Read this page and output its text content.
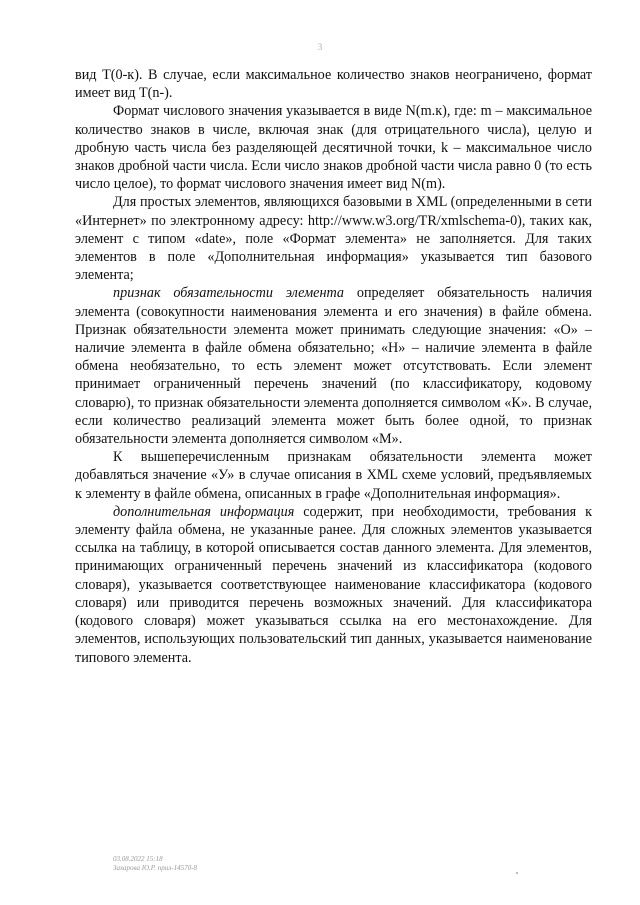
3

вид Т(0-к). В случае, если максимальное количество знаков неограничено, формат имеет вид Т(n-).

Формат числового значения указывается в виде N(m.к), где: m – максимальное количество знаков в числе, включая знак (для отрицательного числа), целую и дробную часть числа без разделяющей десятичной точки, k – максимальное число знаков дробной части числа. Если число знаков дробной части числа равно 0 (то есть число целое), то формат числового значения имеет вид N(m).

Для простых элементов, являющихся базовыми в XML (определенными в сети «Интернет» по электронному адресу: http://www.w3.org/TR/xmlschema-0), таких как, элемент с типом «date», поле «Формат элемента» не заполняется. Для таких элементов в поле «Дополнительная информация» указывается тип базового элемента;

признак обязательности элемента определяет обязательность наличия элемента (совокупности наименования элемента и его значения) в файле обмена. Признак обязательности элемента может принимать следующие значения: «О» – наличие элемента в файле обмена обязательно; «Н» – наличие элемента в файле обмена необязательно, то есть элемент может отсутствовать. Если элемент принимает ограниченный перечень значений (по классификатору, кодовому словарю), то признак обязательности элемента дополняется символом «К». В случае, если количество реализаций элемента может быть более одной, то признак обязательности элемента дополняется символом «М».

К вышеперечисленным признакам обязательности элемента может добавляться значение «У» в случае описания в XML схеме условий, предъявляемых к элементу в файле обмена, описанных в графе «Дополнительная информация».

дополнительная информация содержит, при необходимости, требования к элементу файла обмена, не указанные ранее. Для сложных элементов указывается ссылка на таблицу, в которой описывается состав данного элемента. Для элементов, принимающих ограниченный перечень значений из классификатора (кодового словаря), указывается соответствующее наименование классификатора (кодового словаря) или приводится перечень возможных значений. Для классификатора (кодового словаря) может указываться ссылка на его местонахождение. Для элементов, использующих пользовательский тип данных, указывается наименование типового элемента.

03.08.2022 15:18
Захарова Ю.Р. прил-14570-8
